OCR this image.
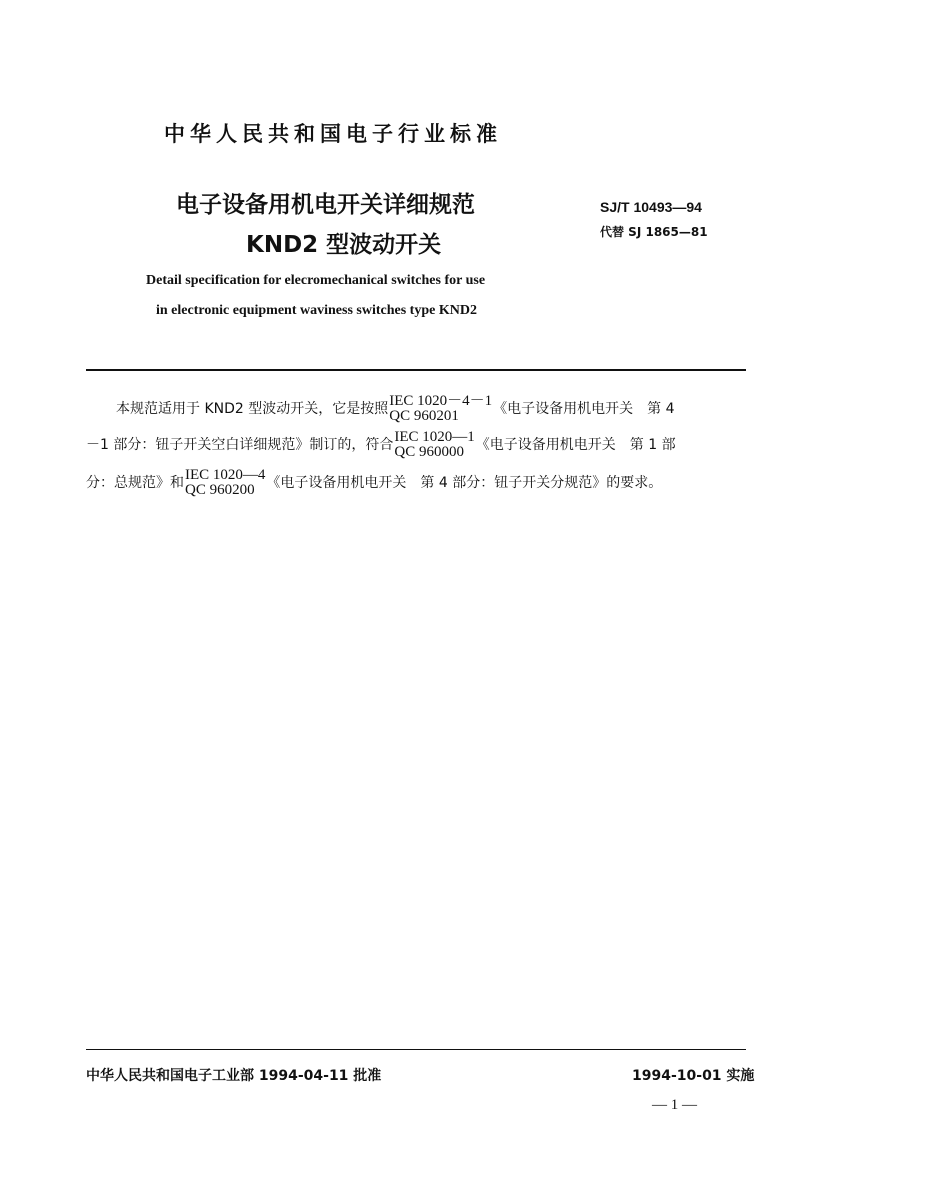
中华人民共和国电子行业标准
电子设备用机电开关详细规范
KND2 型波动开关
SJ/T 10493—94
代替 SJ 1865—81
Detail specification for elecromechanical switches for use
in electronic equipment waviness switches type KND2
本规范适用于 KND2 型波动开关，它是按照 IEC 1020－4－1
QC 960201	《电子设备用机电开关　第 4
－1 部分：钮子开关空白详细规范》制订的，符合 IEC 1020—1
QC 960000 《电子设备用机电开关　第 1 部
分：总规范》和 IEC 1020—4
QC 960200 《电子设备用机电开关　第 4 部分：钮子开关分规范》的要求。
中华人民共和国电子工业部 1994-04-11 批准	1994-10-01 实施
— 1 —
